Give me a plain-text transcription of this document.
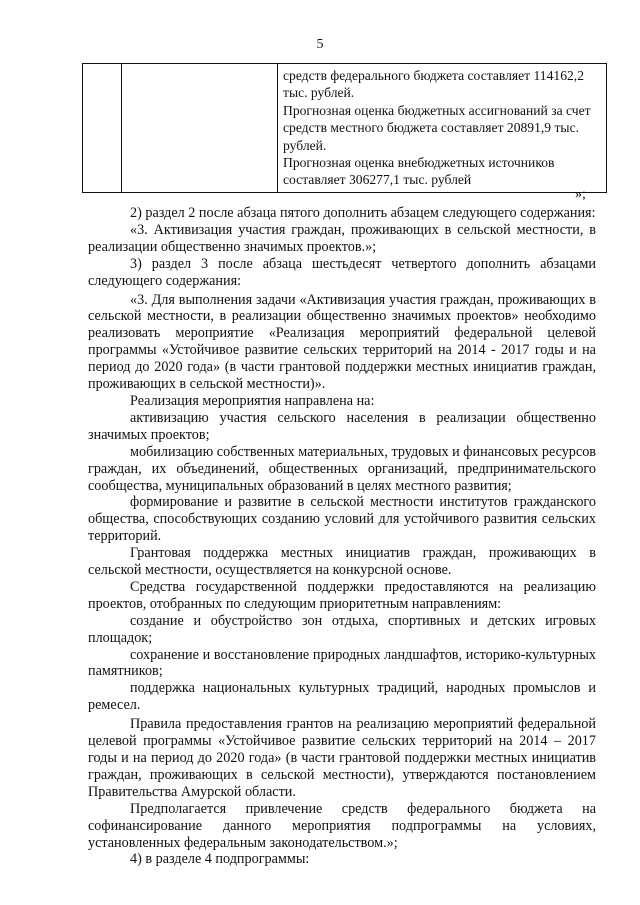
5

средств федерального бюджета составляет 114162,2 тыс. рублей.
Прогнозная оценка бюджетных ассигнований за счет средств местного бюджета составляет 20891,9 тыс. рублей.
Прогнозная оценка внебюджетных источников составляет 306277,1 тыс. рублей
»;

2) раздел 2 после абзаца пятого дополнить абзацем следующего содержания:

«3. Активизация участия граждан, проживающих в сельской местности, в реализации общественно значимых проектов.»;

3) раздел 3 после абзаца шестьдесят четвертого дополнить абзацами следующего содержания:

«3. Для выполнения задачи «Активизация участия граждан, проживающих в сельской местности, в реализации общественно значимых проектов» необходимо реализовать мероприятие «Реализация мероприятий федеральной целевой программы «Устойчивое развитие сельских территорий на 2014 - 2017 годы и на период до 2020 года» (в части грантовой поддержки местных инициатив граждан, проживающих в сельской местности)».

Реализация мероприятия направлена на:

активизацию участия сельского населения в реализации общественно значимых проектов;

мобилизацию собственных материальных, трудовых и финансовых ресурсов граждан, их объединений, общественных организаций, предпринимательского сообщества, муниципальных образований в целях местного развития;

формирование и развитие в сельской местности институтов гражданского общества, способствующих созданию условий для устойчивого развития сельских территорий.

Грантовая поддержка местных инициатив граждан, проживающих в сельской местности, осуществляется на конкурсной основе.

Средства государственной поддержки предоставляются на реализацию проектов, отобранных по следующим приоритетным направлениям:

создание и обустройство зон отдыха, спортивных и детских игровых площадок;

сохранение и восстановление природных ландшафтов, историко-культурных памятников;

поддержка национальных культурных традиций, народных промыслов и ремесел.

Правила предоставления грантов на реализацию мероприятий федеральной целевой программы «Устойчивое развитие сельских территорий на 2014 – 2017 годы и на период до 2020 года» (в части грантовой поддержки местных инициатив граждан, проживающих в сельской местности), утверждаются постановлением Правительства Амурской области.

Предполагается привлечение средств федерального бюджета на софинансирование данного мероприятия подпрограммы на условиях, установленных федеральным законодательством.»;

4) в разделе 4 подпрограммы:
